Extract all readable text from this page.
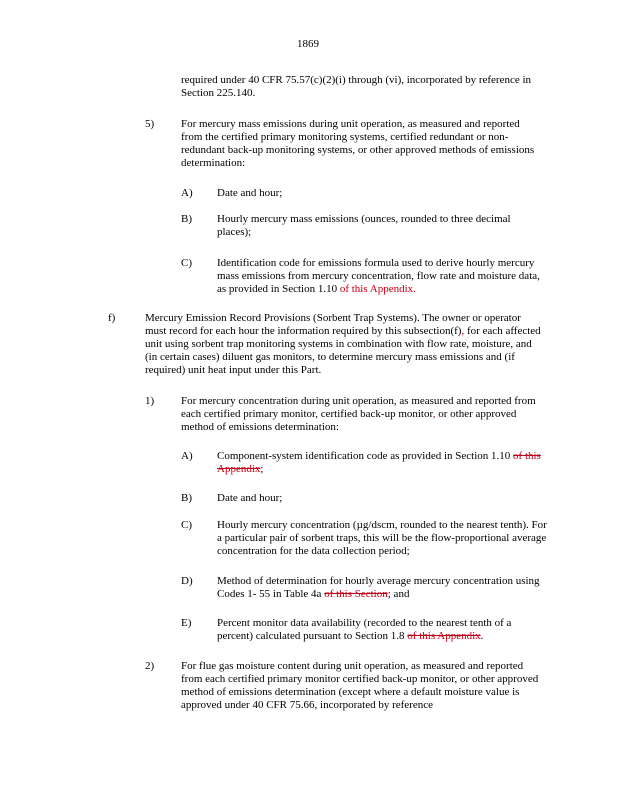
1869
required under 40 CFR 75.57(c)(2)(i) through (vi), incorporated by reference in Section 225.140.
5) For mercury mass emissions during unit operation, as measured and reported from the certified primary monitoring systems, certified redundant or non-redundant back-up monitoring systems, or other approved methods of emissions determination:
A) Date and hour;
B) Hourly mercury mass emissions (ounces, rounded to three decimal places);
C) Identification code for emissions formula used to derive hourly mercury mass emissions from mercury concentration, flow rate and moisture data, as provided in Section 1.10 of this Appendix.
f)	Mercury Emission Record Provisions (Sorbent Trap Systems). The owner or operator must record for each hour the information required by this subsection(f), for each affected unit using sorbent trap monitoring systems in combination with flow rate, moisture, and (in certain cases) diluent gas monitors, to determine mercury mass emissions and (if required) unit heat input under this Part.
1) For mercury concentration during unit operation, as measured and reported from each certified primary monitor, certified back-up monitor, or other approved method of emissions determination:
A) Component-system identification code as provided in Section 1.10 of this Appendix;
B) Date and hour;
C) Hourly mercury concentration (µg/dscm, rounded to the nearest tenth). For a particular pair of sorbent traps, this will be the flow-proportional average concentration for the data collection period;
D) Method of determination for hourly average mercury concentration using Codes 1- 55 in Table 4a of this Section; and
E) Percent monitor data availability (recorded to the nearest tenth of a percent) calculated pursuant to Section 1.8 of this Appendix.
2) For flue gas moisture content during unit operation, as measured and reported from each certified primary monitor certified back-up monitor, or other approved method of emissions determination (except where a default moisture value is approved under 40 CFR 75.66, incorporated by reference
